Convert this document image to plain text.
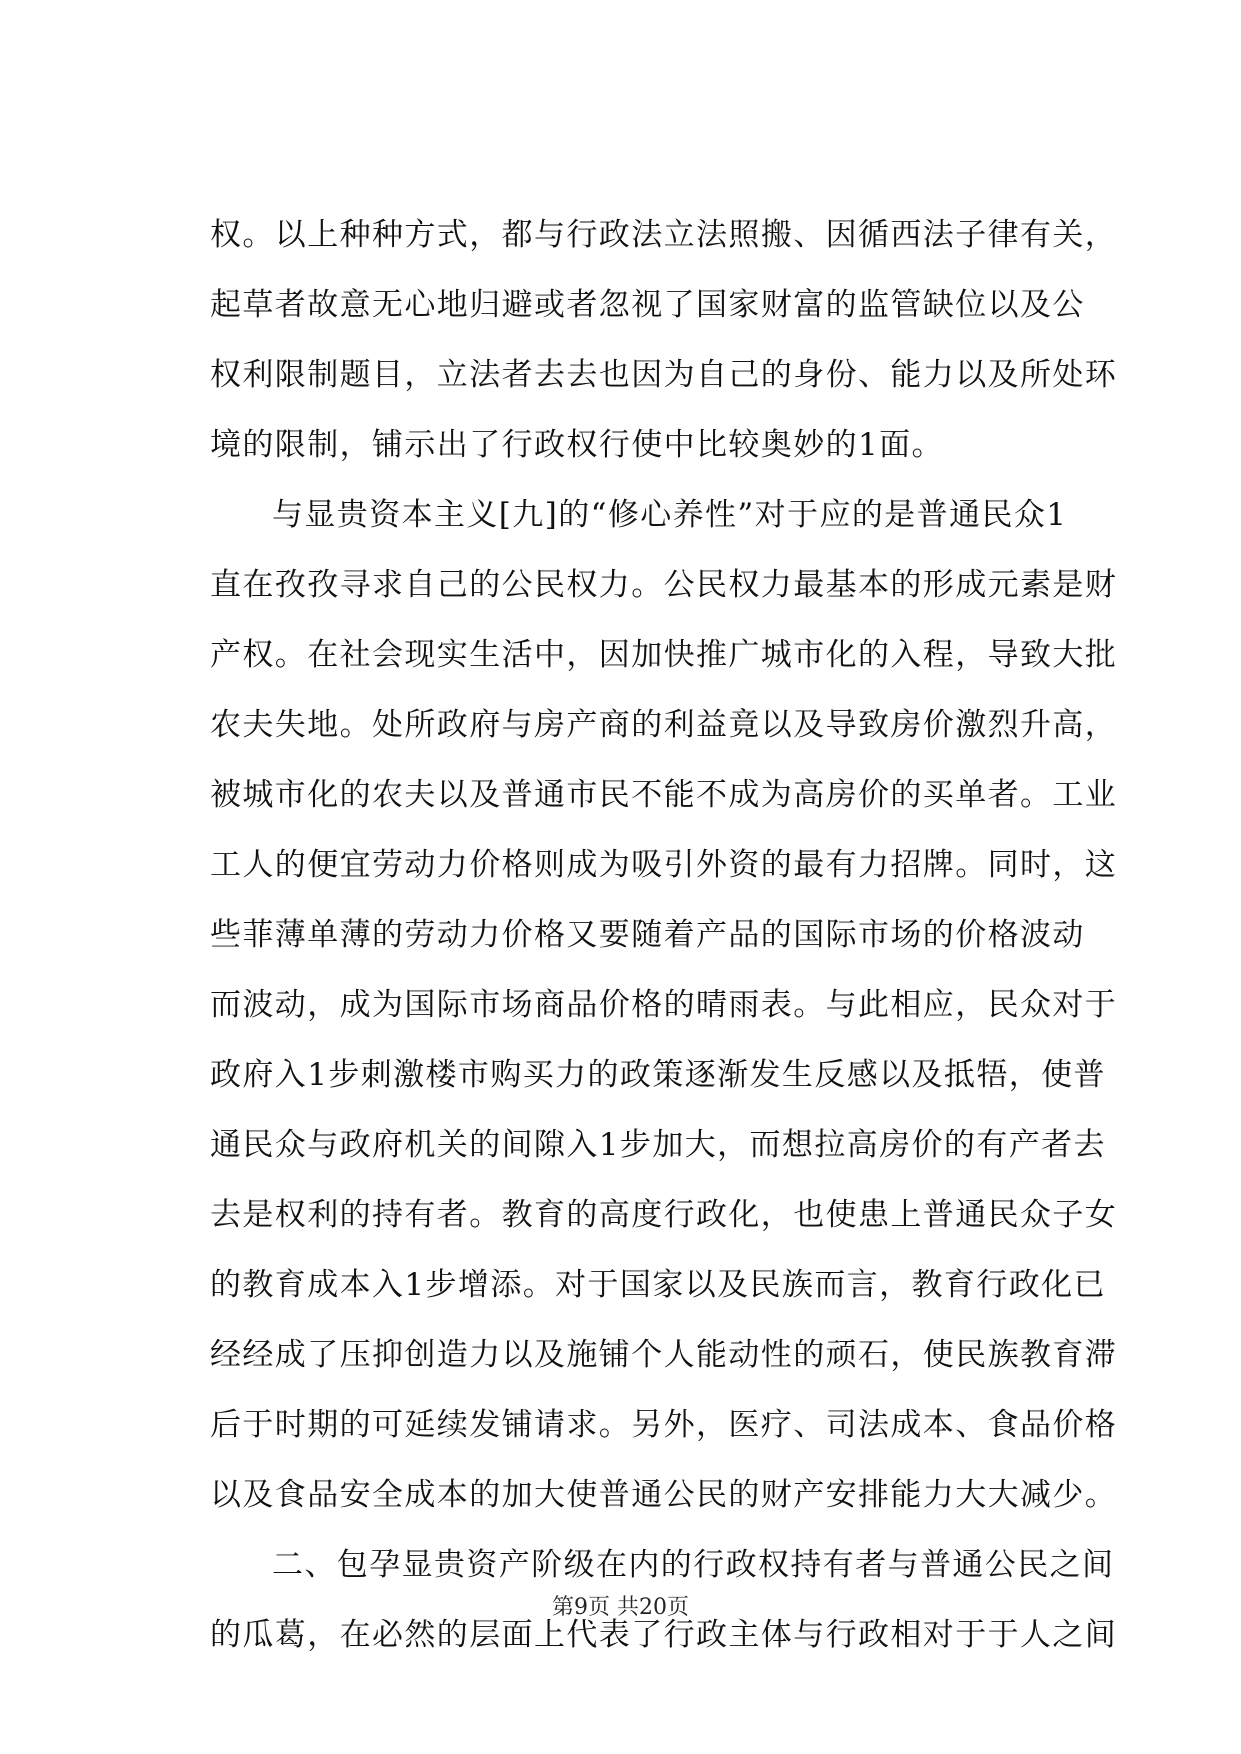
权。以上种种方式，都与行政法立法照搬、因循西法子律有关，
起草者故意无心地归避或者忽视了国家财富的监管缺位以及公
权利限制题目，立法者去去也因为自己的身份、能力以及所处环
境的限制，铺示出了行政权行使中比较奥妙的1面。
与显贵资本主义[九]的“修心养性”对于应的是普通民众1
直在孜孜寻求自己的公民权力。公民权力最基本的形成元素是财
产权。在社会现实生活中，因加快推广城市化的入程，导致大批
农夫失地。处所政府与房产商的利益竟以及导致房价激烈升高，
被城市化的农夫以及普通市民不能不成为高房价的买单者。工业
工人的便宜劳动力价格则成为吸引外资的最有力招牌。同时，这
些菲薄单薄的劳动力价格又要随着产品的国际市场的价格波动
而波动，成为国际市场商品价格的晴雨表。与此相应，民众对于
政府入1步刺激楼市购买力的政策逐渐发生反感以及抵牾，使普
通民众与政府机关的间隙入1步加大，而想拉高房价的有产者去
去是权利的持有者。教育的高度行政化，也使患上普通民众子女
的教育成本入1步增添。对于国家以及民族而言，教育行政化已
经经成了压抑创造力以及施铺个人能动性的顽石，使民族教育滞
后于时期的可延续发铺请求。另外，医疗、司法成本、食品价格
以及食品安全成本的加大使普通公民的财产安排能力大大减少。
二、包孕显贵资产阶级在内的行政权持有者与普通公民之间
的瓜葛，在必然的层面上代表了行政主体与行政相对于于人之间
第9页 共20页
